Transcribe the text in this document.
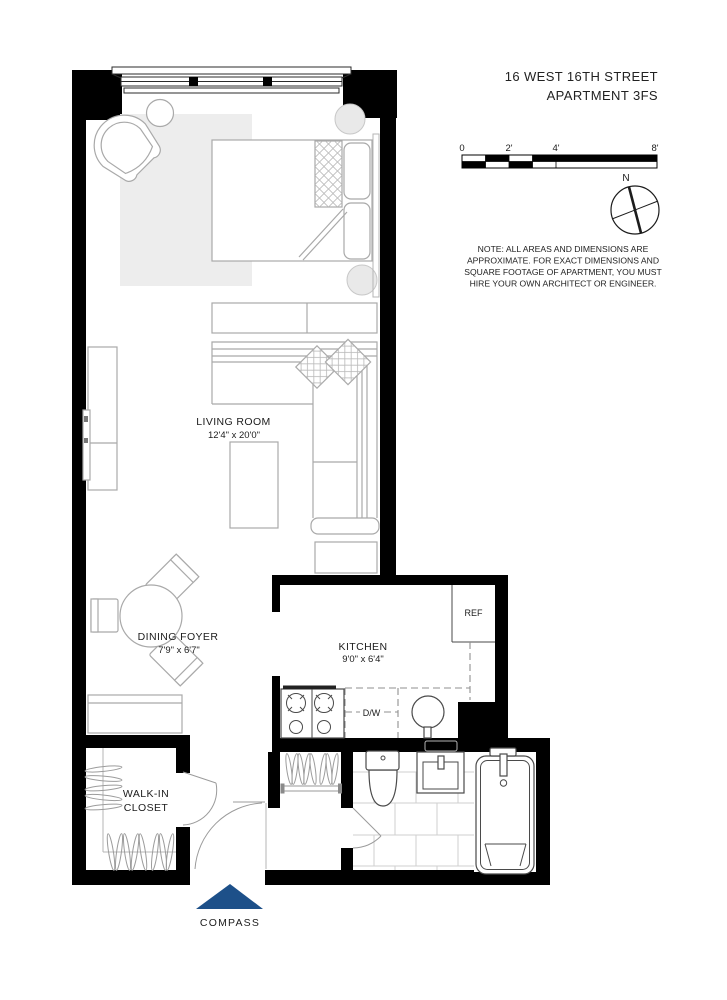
LIVING ROOM
12'4" x 20'0"
DINING FOYER
7'9" x 6'7"	KITCHEN
9'0" x 6'4"
WALK-IN
CLOSET
REF
D/W
16 WEST 16TH STREET
APARTMENT 3FS
0	2'	4'	8'
N
NOTE: ALL AREAS AND DIMENSIONS ARE
APPROXIMATE. FOR EXACT DIMENSIONS AND
SQUARE FOOTAGE OF APARTMENT, YOU MUST
HIRE YOUR OWN ARCHITECT OR ENGINEER.
COMPASS
